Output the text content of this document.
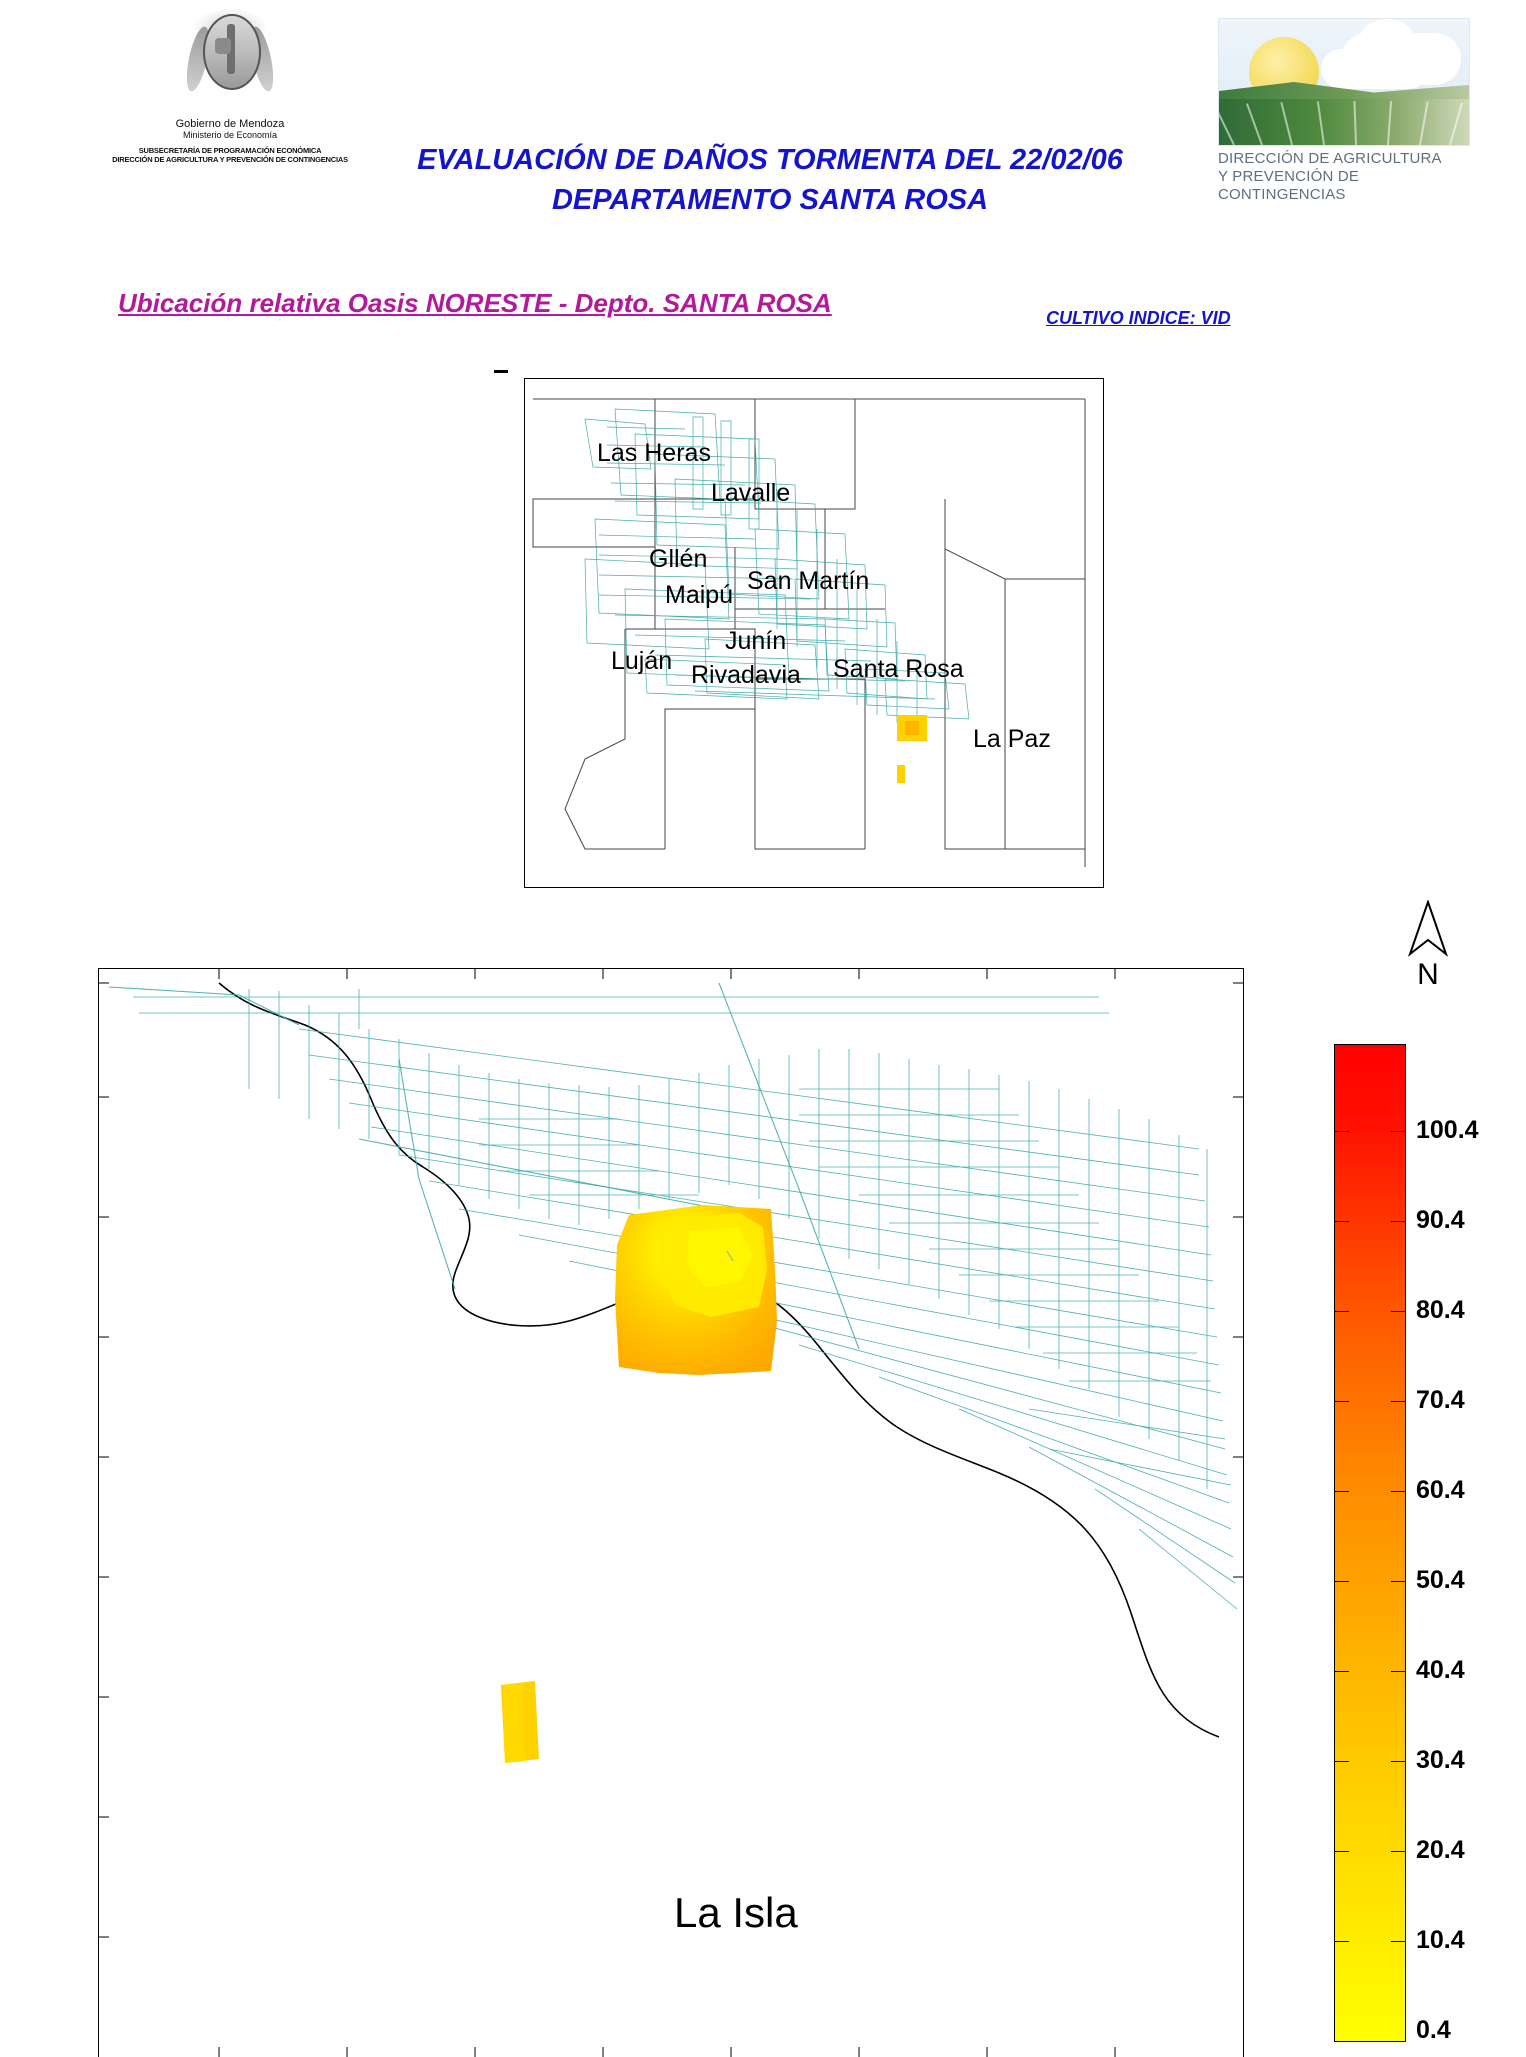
Gobierno de Mendoza
Ministerio de Economía
SUBSECRETARÍA DE PROGRAMACIÓN ECONÓMICA
DIRECCIÓN DE AGRICULTURA Y PREVENCIÓN DE CONTINGENCIAS	EVALUACIÓN DE DAÑOS TORMENTA DEL 22/02/06
DEPARTAMENTO SANTA ROSA
DIRECCIÓN DE AGRICULTURA
Y PREVENCIÓN DE CONTINGENCIAS
Ubicación relativa Oasis NORESTE - Depto. SANTA ROSA	CULTIVO INDICE: VID
Las Heras
Lavalle
Gllén
Maipú San Martín
Junín
Luján Rivadavia Santa Rosa
La Paz
N
La Isla
100.4
90.4
80.4
70.4
60.4
50.4
40.4
30.4
20.4
10.4
0.4
